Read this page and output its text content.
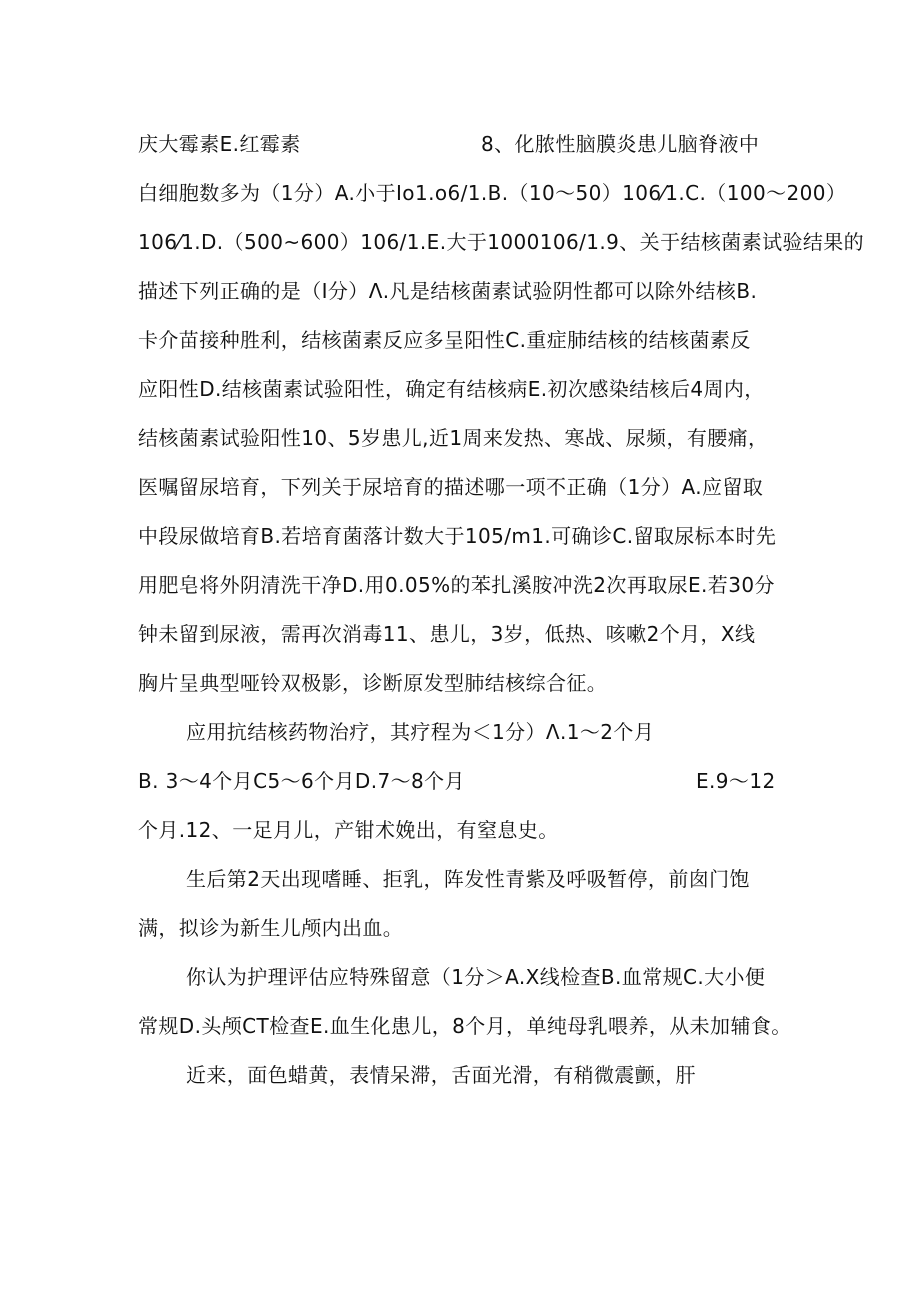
庆大霉素E.红霉素	8、化脓性脑膜炎患儿脑脊液中
白细胞数多为（1分）A.小于Io1.o6/1.B.（10～50）106⁄1.C.（100～200）
106⁄1.D.（500~600）106/1.E.大于1000106/1.9、关于结核菌素试验结果的
描述下列正确的是（I分）Λ.凡是结核菌素试验阴性都可以除外结核B.
卡介苗接种胜利，结核菌素反应多呈阳性C.重症肺结核的结核菌素反
应阳性D.结核菌素试验阳性，确定有结核病E.初次感染结核后4周内，
结核菌素试验阳性10、5岁患儿,近1周来发热、寒战、尿频，有腰痛，
医嘱留尿培育，下列关于尿培育的描述哪一项不正确（1分）A.应留取
中段尿做培育B.若培育菌落计数大于105/m1.可确诊C.留取尿标本时先
用肥皂将外阴清洗干净D.用0.05%的苯扎溪胺冲洗2次再取尿E.若30分
钟未留到尿液，需再次消毒11、患儿，3岁，低热、咳嗽2个月，X线
胸片呈典型哑铃双极影，诊断原发型肺结核综合征。
应用抗结核药物治疗，其疗程为＜1分）Λ.1～2个月
B. 3～4个月C5～6个月D.7～8个月	E.9～12
个月.12、一足月儿，产钳术娩出，有窒息史。
生后第2天出现嗜睡、拒乳，阵发性青紫及呼吸暂停，前囱门饱
满，拟诊为新生儿颅内出血。
你认为护理评估应特殊留意（1分＞A.X线检查B.血常规C.大小便
常规D.头颅CT检查E.血生化患儿，8个月，单纯母乳喂养，从未加辅食。
近来，面色蜡黄，表情呆滞，舌面光滑，有稍微震颤，肝
